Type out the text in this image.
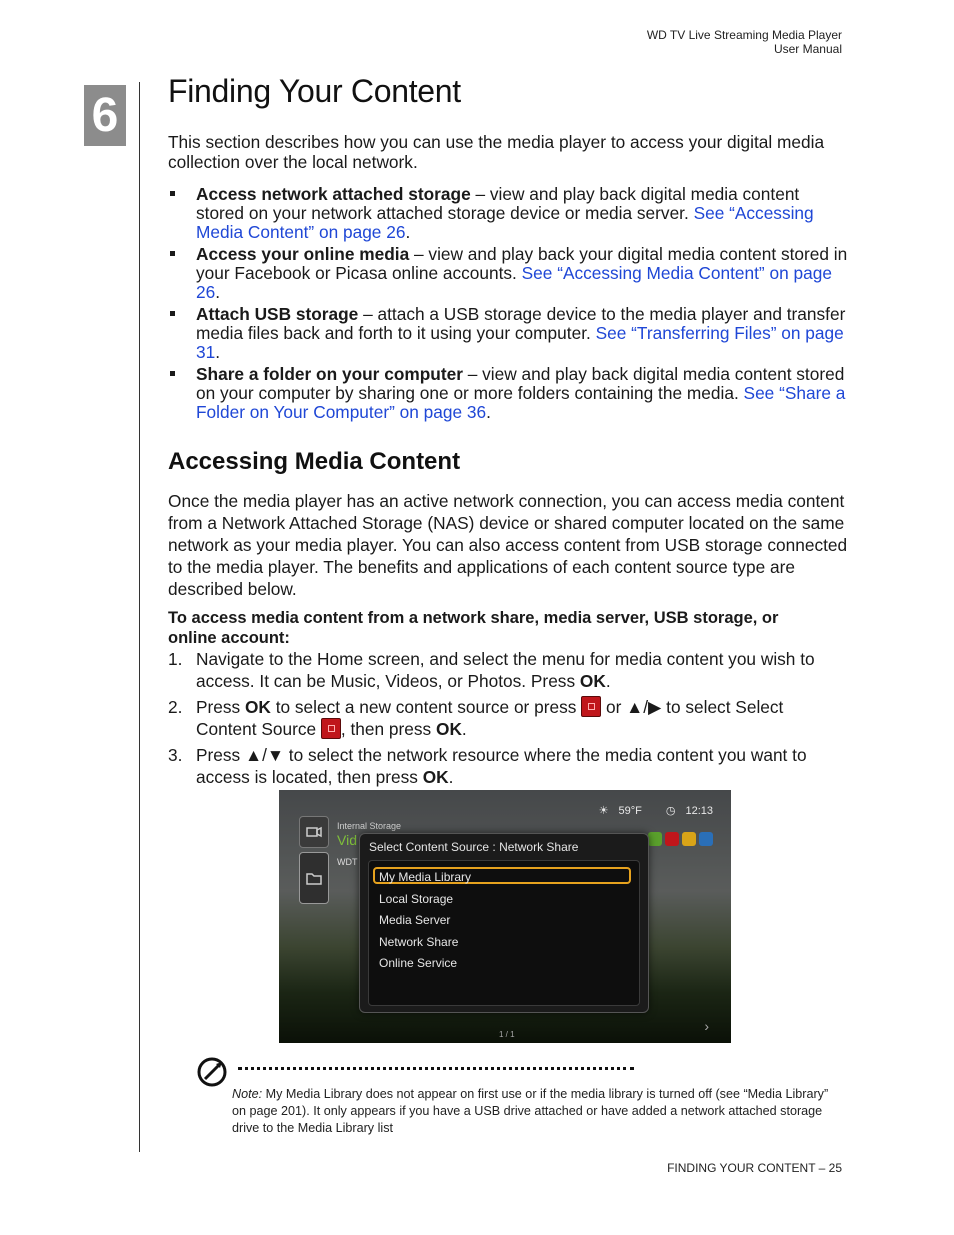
WD TV Live Streaming Media Player
User Manual
6 Finding Your Content
This section describes how you can use the media player to access your digital media collection over the local network.
Access network attached storage – view and play back digital media content stored on your network attached storage device or media server. See “Accessing Media Content” on page 26.
Access your online media – view and play back your digital media content stored in your Facebook or Picasa online accounts. See “Accessing Media Content” on page 26.
Attach USB storage – attach a USB storage device to the media player and transfer media files back and forth to it using your computer. See “Transferring Files” on page 31.
Share a folder on your computer – view and play back digital media content stored on your computer by sharing one or more folders containing the media. See “Share a Folder on Your Computer” on page 36.
Accessing Media Content
Once the media player has an active network connection, you can access media content from a Network Attached Storage (NAS) device or shared computer located on the same network as your media player. You can also access content from USB storage connected to the media player. The benefits and applications of each content source type are described below.
To access media content from a network share, media server, USB storage, or online account:
1. Navigate to the Home screen, and select the menu for media content you wish to access. It can be Music, Videos, or Photos. Press OK.
2. Press OK to select a new content source or press  or ▲/▶ to select Select Content Source , then press OK.
3. Press ▲/▼ to select the network resource where the media content you want to access is located, then press OK.
☀ 59°F ◷ 12:13
Internal Storage
Vid
WDT
Select Content Source : Network Share
My Media Library
Local Storage
Media Server
Network Share
Online Service
1 / 1
›
Note: My Media Library does not appear on first use or if the media library is turned off (see “Media Library” on page 201). It only appears if you have a USB drive attached or have added a network attached storage drive to the Media Library list
FINDING YOUR CONTENT – 25
